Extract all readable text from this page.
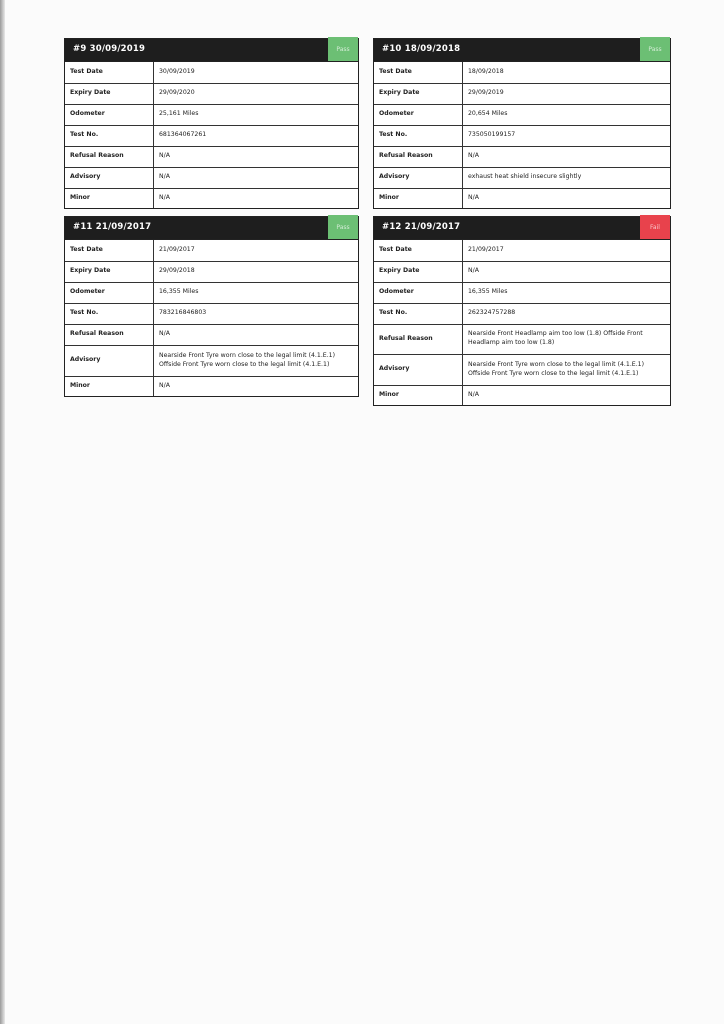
#9 30/09/2019	Pass
Test Date	30/09/2019
Expiry Date	29/09/2020
Odometer	25,161 Miles
Test No.	681364067261
Refusal Reason	N/A
Advisory	N/A
Minor	N/A
#10 18/09/2018	Pass
Test Date	18/09/2018
Expiry Date	29/09/2019
Odometer	20,654 Miles
Test No.	735050199157
Refusal Reason	N/A
Advisory	exhaust heat shield insecure slightly
Minor	N/A
#11 21/09/2017	Pass
Test Date	21/09/2017
Expiry Date	29/09/2018
Odometer	16,355 Miles
Test No.	783216846803
Refusal Reason	N/A
Advisory	Nearside Front Tyre worn close to the legal limit (4.1.E.1)
Offside Front Tyre worn close to the legal limit (4.1.E.1)

Minor	N/A
#12 21/09/2017	Fail
Test Date	21/09/2017
Expiry Date	N/A
Odometer	16,355 Miles
Test No.	262324757288
Refusal Reason	Nearside Front Headlamp aim too low (1.8) Offside Front
Headlamp aim too low (1.8)

Advisory	Nearside Front Tyre worn close to the legal limit (4.1.E.1)
Offside Front Tyre worn close to the legal limit (4.1.E.1)

Minor	N/A
